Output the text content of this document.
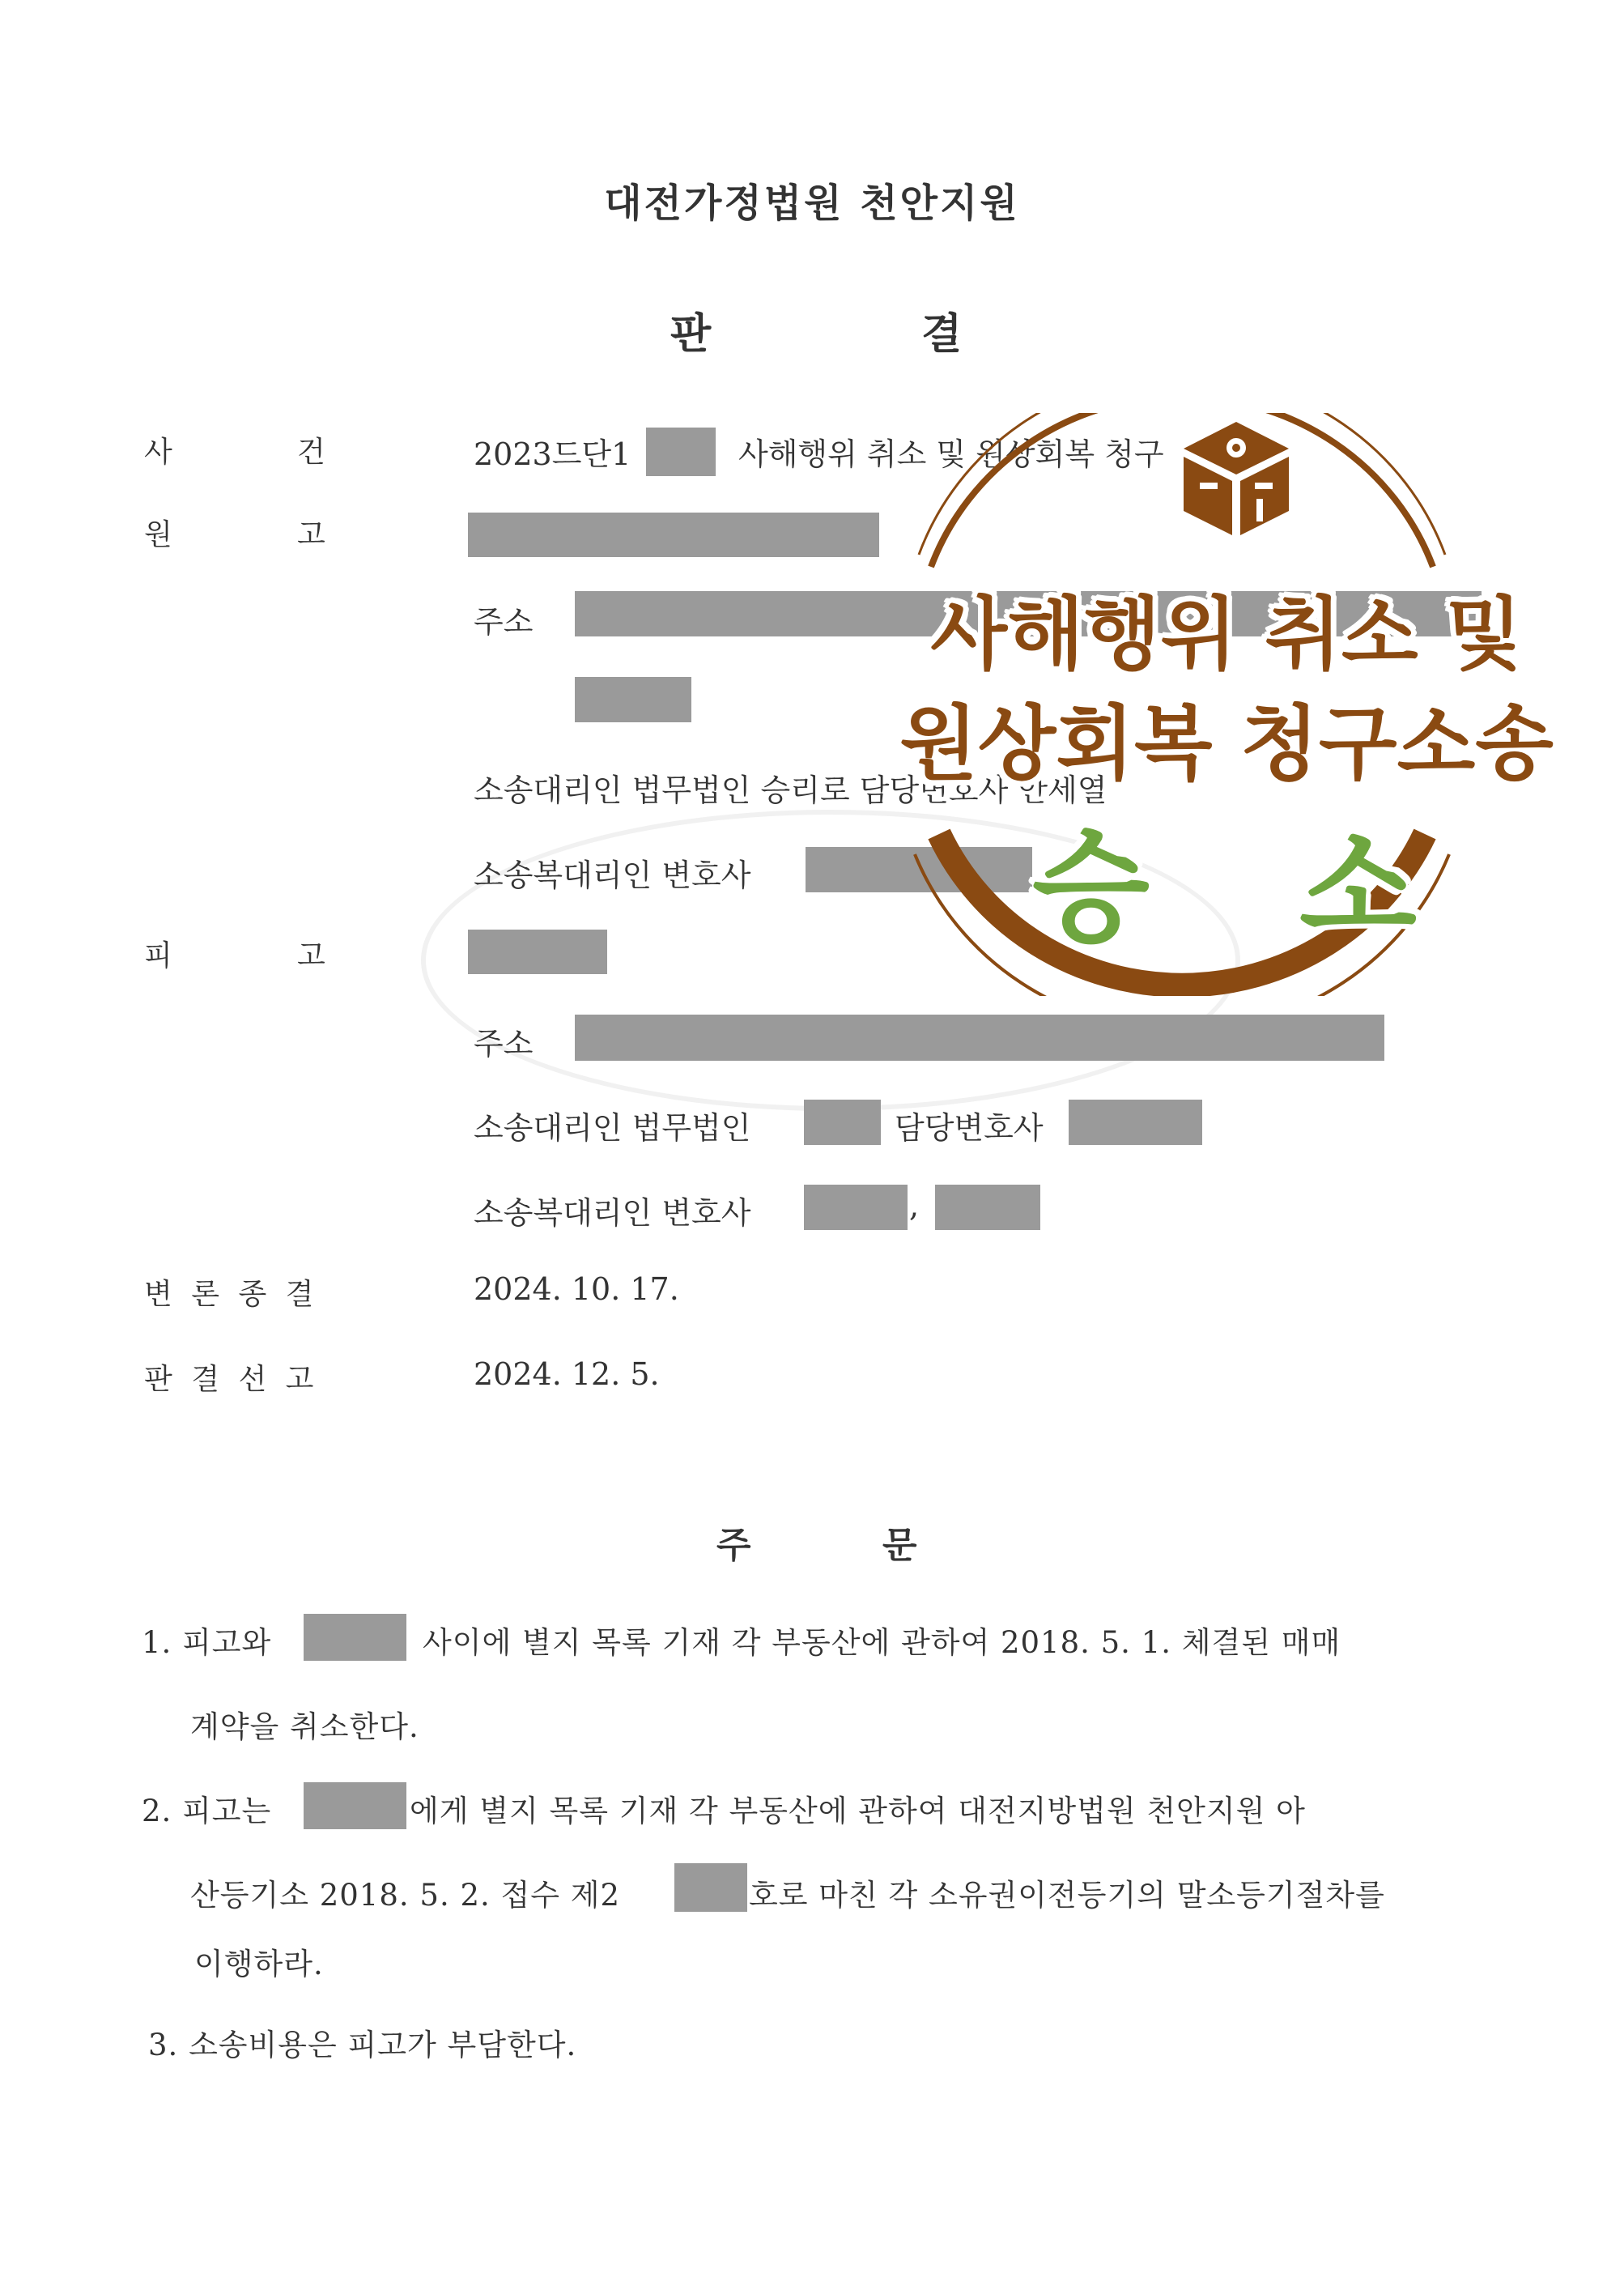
대전가정법원 천안지원
판	결
사	건	2023드단1	사해행위 취소 및 원상회복 청구
원	고
주소
소송대리인 법무법인 승리로 담당변호사 안세열
소송복대리인 변호사
피	고
주소
소송대리인 법무법인	담당변호사
소송복대리인 변호사	,
변 론 종 결	2024. 10. 17.
판 결 선 고	2024. 12. 5.
주	문
1. 피고와	사이에 별지 목록 기재 각 부동산에 관하여 2018. 5. 1. 체결된 매매
계약을 취소한다.
2. 피고는	에게 별지 목록 기재 각 부동산에 관하여 대전지방법원 천안지원 아
산등기소 2018. 5. 2. 접수 제2	호로 마친 각 소유권이전등기의 말소등기절차를
이행하라.
3. 소송비용은 피고가 부담한다.
사해행위 취소 및
원상회복 청구소송
승 소
